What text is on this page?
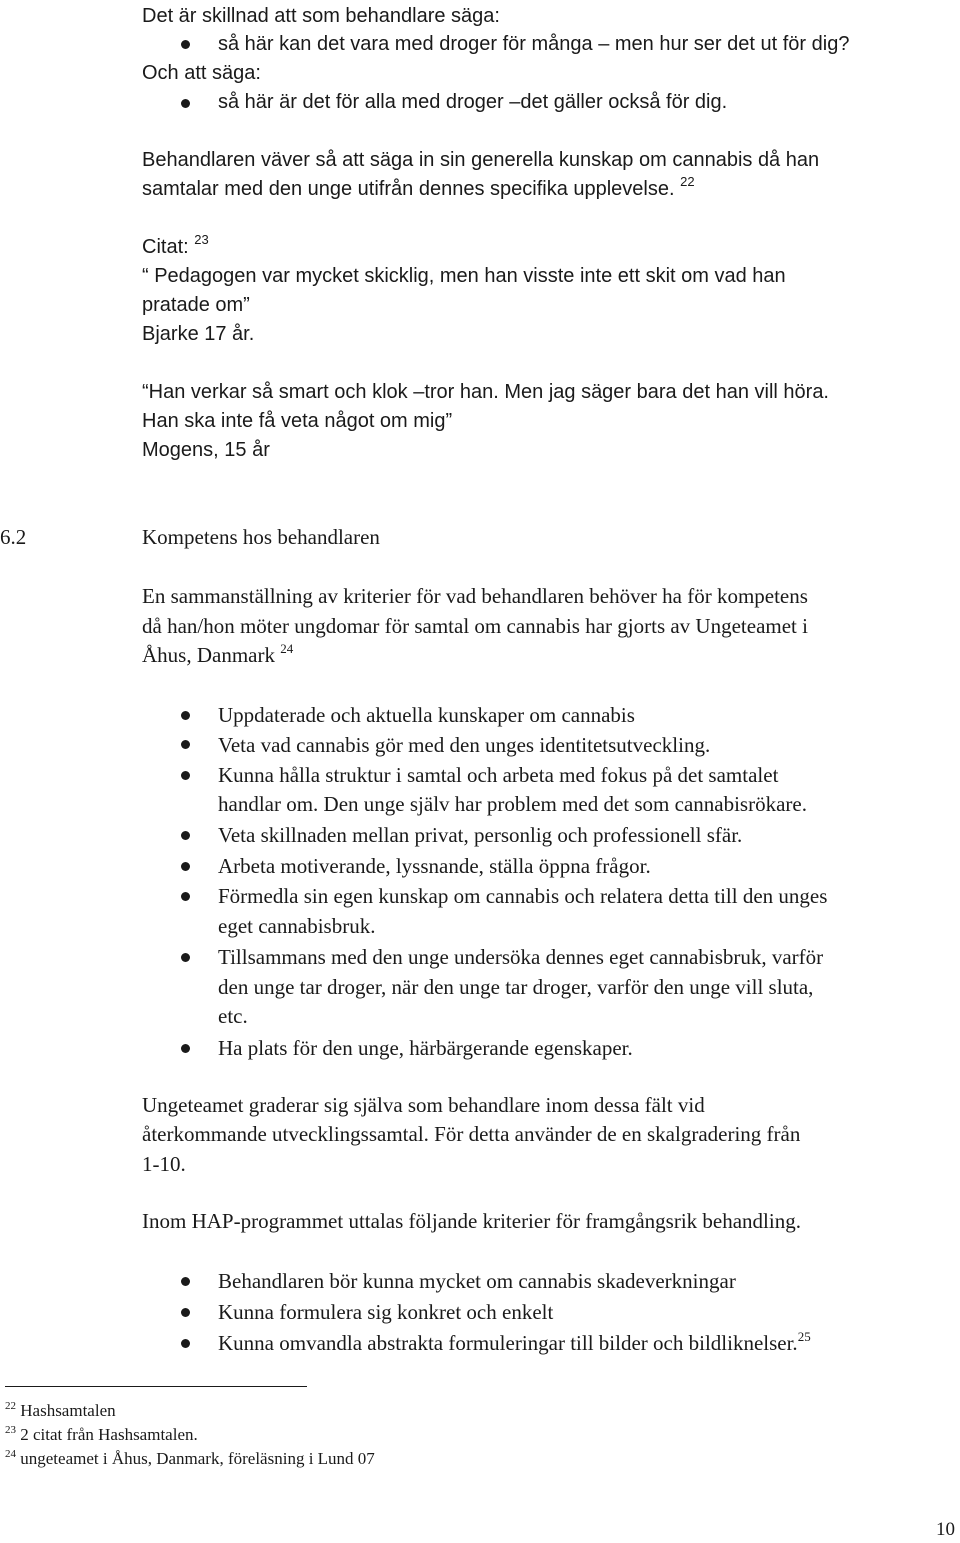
Det är skillnad att som behandlare säga:
så här kan det vara med droger för många – men hur ser det ut för dig?
Och att säga:
så här är det för alla med droger –det gäller också för dig.
Behandlaren väver så att säga in sin generella kunskap om cannabis då han
samtalar med den unge utifrån dennes specifika upplevelse. $^{22}$
Citat: $^{23}$
“ Pedagogen var mycket skicklig, men han visste inte ett skit om vad han
pratade om”
Bjarke 17 år.
“Han verkar så smart och klok –tror han. Men jag säger bara det han vill höra.
Han ska inte få veta något om mig”
Mogens, 15 år
6.2	Kompetens hos behandlaren
En sammanställning av kriterier för vad behandlaren behöver ha för kompetens
då han/hon möter ungdomar för samtal om cannabis har gjorts av Ungeteamet i
Åhus, Danmark $^{24}$
Uppdaterade och aktuella kunskaper om cannabis
Veta vad cannabis gör med den unges identitetsutveckling.
Kunna hålla struktur i samtal och arbeta med fokus på det samtalet
handlar om. Den unge själv har problem med det som cannabisrökare.
Veta skillnaden mellan privat, personlig och professionell sfär.
Arbeta motiverande, lyssnande, ställa öppna frågor.
Förmedla sin egen kunskap om cannabis och relatera detta till den unges
eget cannabisbruk.
Tillsammans med den unge undersöka dennes eget cannabisbruk, varför
den unge tar droger, när den unge tar droger, varför den unge vill sluta,
etc.
Ha plats för den unge, härbärgerande egenskaper.
Ungeteamet graderar sig själva som behandlare inom dessa fält vid
återkommande utvecklingssamtal. För detta använder de en skalgradering från
1-10.
Inom HAP-programmet uttalas följande kriterier för framgångsrik behandling.
Behandlaren bör kunna mycket om cannabis skadeverkningar
Kunna formulera sig konkret och enkelt
Kunna omvandla abstrakta formuleringar till bilder och bildliknelser.$^{25}$
$^{22}$ Hashsamtalen
$^{23}$ 2 citat från Hashsamtalen.
$^{24}$ ungeteamet i Åhus, Danmark, föreläsning i Lund 07
10
